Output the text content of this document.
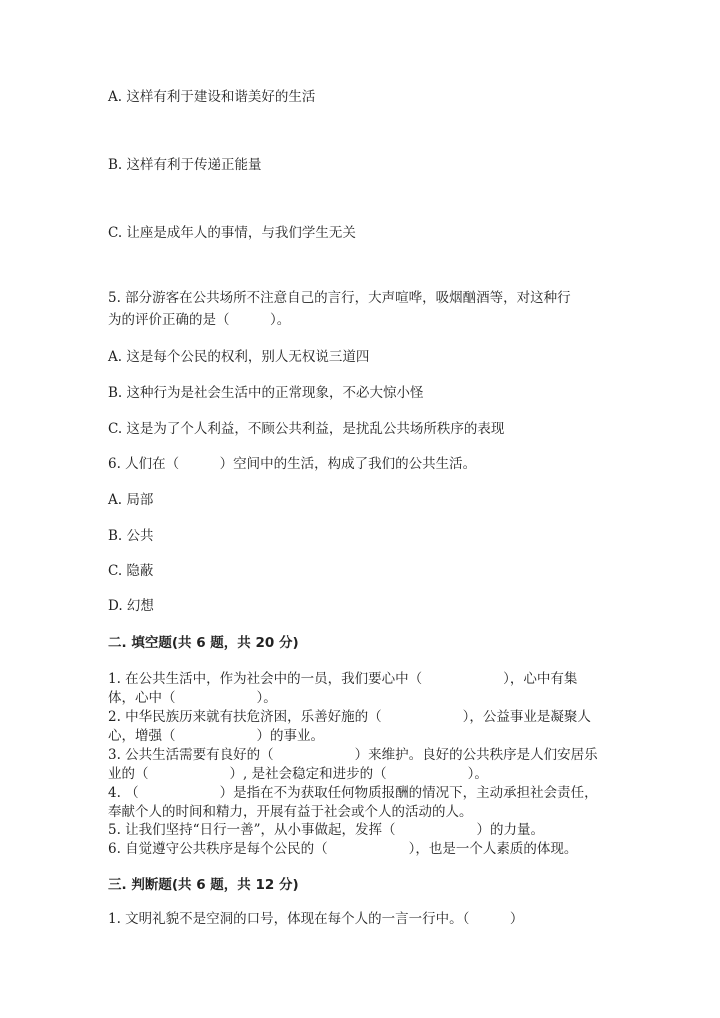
A. 这样有利于建设和谐美好的生活
B. 这样有利于传递正能量
C. 让座是成年人的事情，与我们学生无关
5. 部分游客在公共场所不注意自己的言行，大声喧哗，吸烟酗酒等，对这种行
为的评价正确的是（　　　）。
A. 这是每个公民的权利，别人无权说三道四
B. 这种行为是社会生活中的正常现象，不必大惊小怪
C. 这是为了个人利益，不顾公共利益，是扰乱公共场所秩序的表现
6. 人们在（　　　）空间中的生活，构成了我们的公共生活。
A. 局部
B. 公共
C. 隐蔽
D. 幻想
二. 填空题(共 6 题，共 20 分)
1. 在公共生活中，作为社会中的一员，我们要心中（　　　　　　），心中有集
体，心中（　　　　　　）。
2. 中华民族历来就有扶危济困，乐善好施的（　　　　　　），公益事业是凝聚人
心，增强（　　　　　　）的事业。
3. 公共生活需要有良好的（　　　　　　）来维护。良好的公共秩序是人们安居乐
业的（　　　　　　）, 是社会稳定和进步的（　　　　　　）。
4. （　　　　　　）是指在不为获取任何物质报酬的情况下，主动承担社会责任，
奉献个人的时间和精力，开展有益于社会或个人的活动的人。
5. 让我们坚持“日行一善”，从小事做起，发挥（　　　　　　）的力量。
6. 自觉遵守公共秩序是每个公民的（　　　　　　），也是一个人素质的体现。
三. 判断题(共 6 题，共 12 分)
1. 文明礼貌不是空洞的口号，体现在每个人的一言一行中。（　　　）
